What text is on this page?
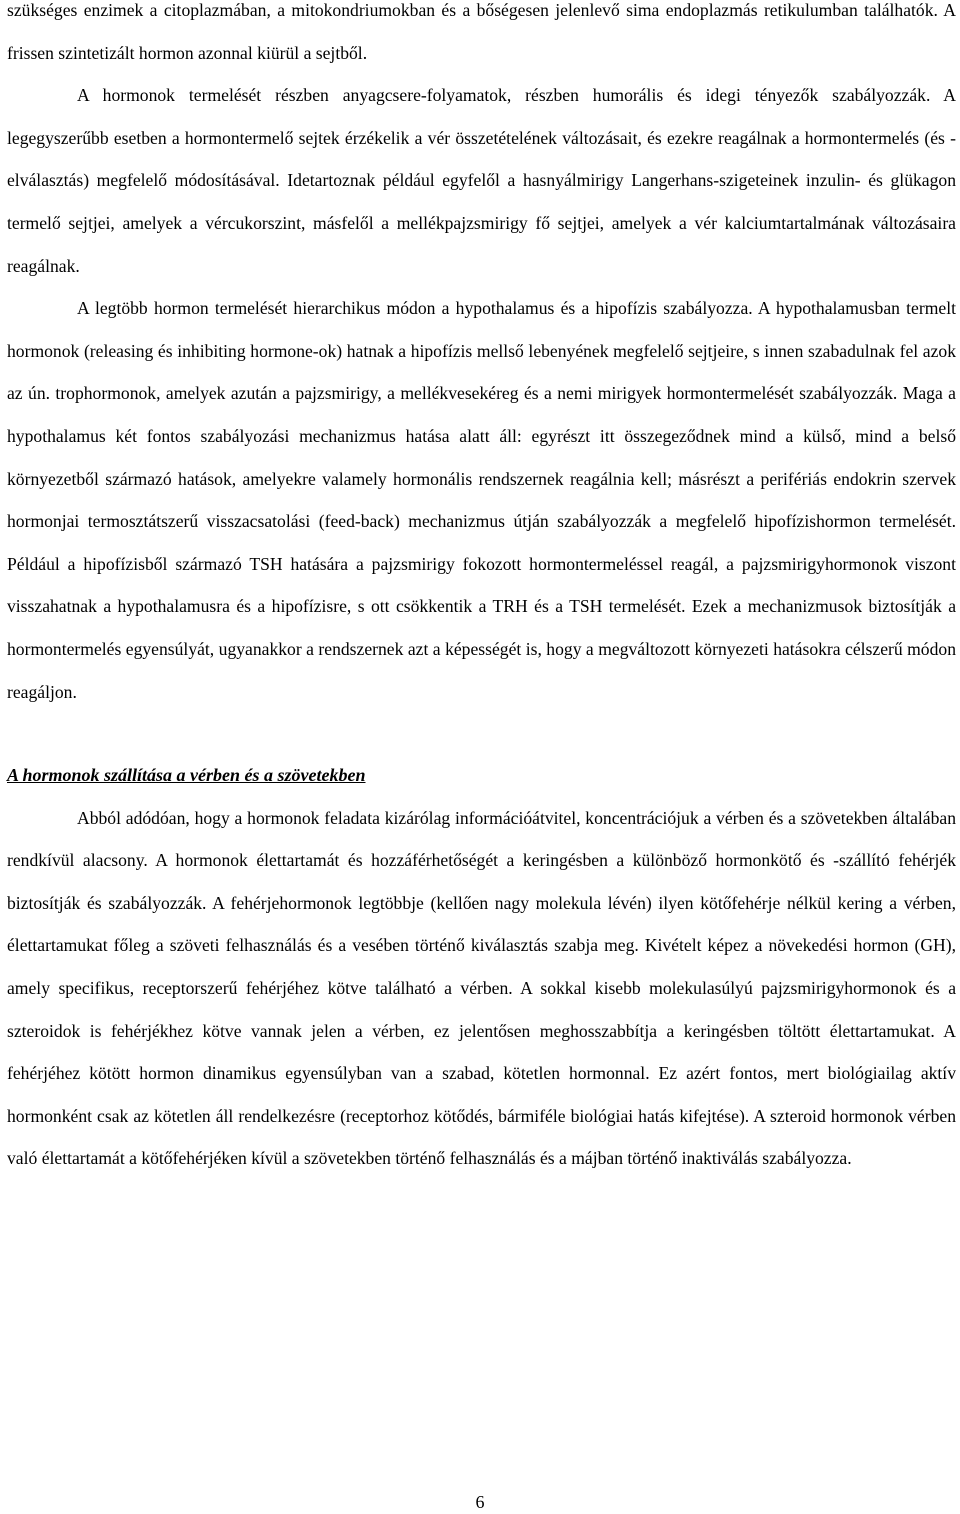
szükséges enzimek a citoplazmában, a mitokondriumokban és a bőségesen jelenlevő sima endoplazmás retikulumban találhatók. A frissen szintetizált hormon azonnal kiürül a sejtből.

A hormonok termelését részben anyagcsere-folyamatok, részben humorális és idegi tényezők szabályozzák. A legegyszerűbb esetben a hormontermelő sejtek érzékelik a vér összetételének változásait, és ezekre reagálnak a hormontermelés (és -elválasztás) megfelelő módosításával. Idetartoznak például egyfelől a hasnyálmirigy Langerhans-szigeteinek inzulin- és glükagon termelő sejtjei, amelyek a vércukorszint, másfelől a mellékpajzsmirigy fő sejtjei, amelyek a vér kalciumtartalmának változásaira reagálnak.

A legtöbb hormon termelését hierarchikus módon a hypothalamus és a hipofízis szabályozza. A hypothalamusban termelt hormonok (releasing és inhibiting hormone-ok) hatnak a hipofízis mellső lebenyének megfelelő sejtjeire, s innen szabadulnak fel azok az ún. trophormonok, amelyek azután a pajzsmirigy, a mellékvesekéreg és a nemi mirigyek hormontermelését szabályozzák. Maga a hypothalamus két fontos szabályozási mechanizmus hatása alatt áll: egyrészt itt összegeződnek mind a külső, mind a belső környezetből származó hatások, amelyekre valamely hormonális rendszernek reagálnia kell; másrészt a perifériás endokrin szervek hormonjai termosztátszerű visszacsatolási (feed-back) mechanizmus útján szabályozzák a megfelelő hipofízishormon termelését. Például a hipofízisből származó TSH hatására a pajzsmirigy fokozott hormontermeléssel reagál, a pajzsmirigyhormonok viszont visszahatnak a hypothalamusra és a hipofízisre, s ott csökkentik a TRH és a TSH termelését. Ezek a mechanizmusok biztosítják a hormontermelés egyensúlyát, ugyanakkor a rendszernek azt a képességét is, hogy a megváltozott környezeti hatásokra célszerű módon reagáljon.

A hormonok szállítása a vérben és a szövetekben

Abból adódóan, hogy a hormonok feladata kizárólag információátvitel, koncentrációjuk a vérben és a szövetekben általában rendkívül alacsony. A hormonok élettartamát és hozzáférhetőségét a keringésben a különböző hormonkötő és -szállító fehérjék biztosítják és szabályozzák. A fehérjehormonok legtöbbje (kellően nagy molekula lévén) ilyen kötőfehérje nélkül kering a vérben, élettartamukat főleg a szöveti felhasználás és a vesében történő kiválasztás szabja meg. Kivételt képez a növekedési hormon (GH), amely specifikus, receptorszerű fehérjéhez kötve található a vérben. A sokkal kisebb molekulasúlyú pajzsmirigyhormonok és a szteroidok is fehérjékhez kötve vannak jelen a vérben, ez jelentősen meghosszabbítja a keringésben töltött élettartamukat. A fehérjéhez kötött hormon dinamikus egyensúlyban van a szabad, kötetlen hormonnal. Ez azért fontos, mert biológiailag aktív hormonként csak az kötetlen áll rendelkezésre (receptorhoz kötődés, bármiféle biológiai hatás kifejtése). A szteroid hormonok vérben való élettartamát a kötőfehérjéken kívül a szövetekben történő felhasználás és a májban történő inaktiválás szabályozza.

6
